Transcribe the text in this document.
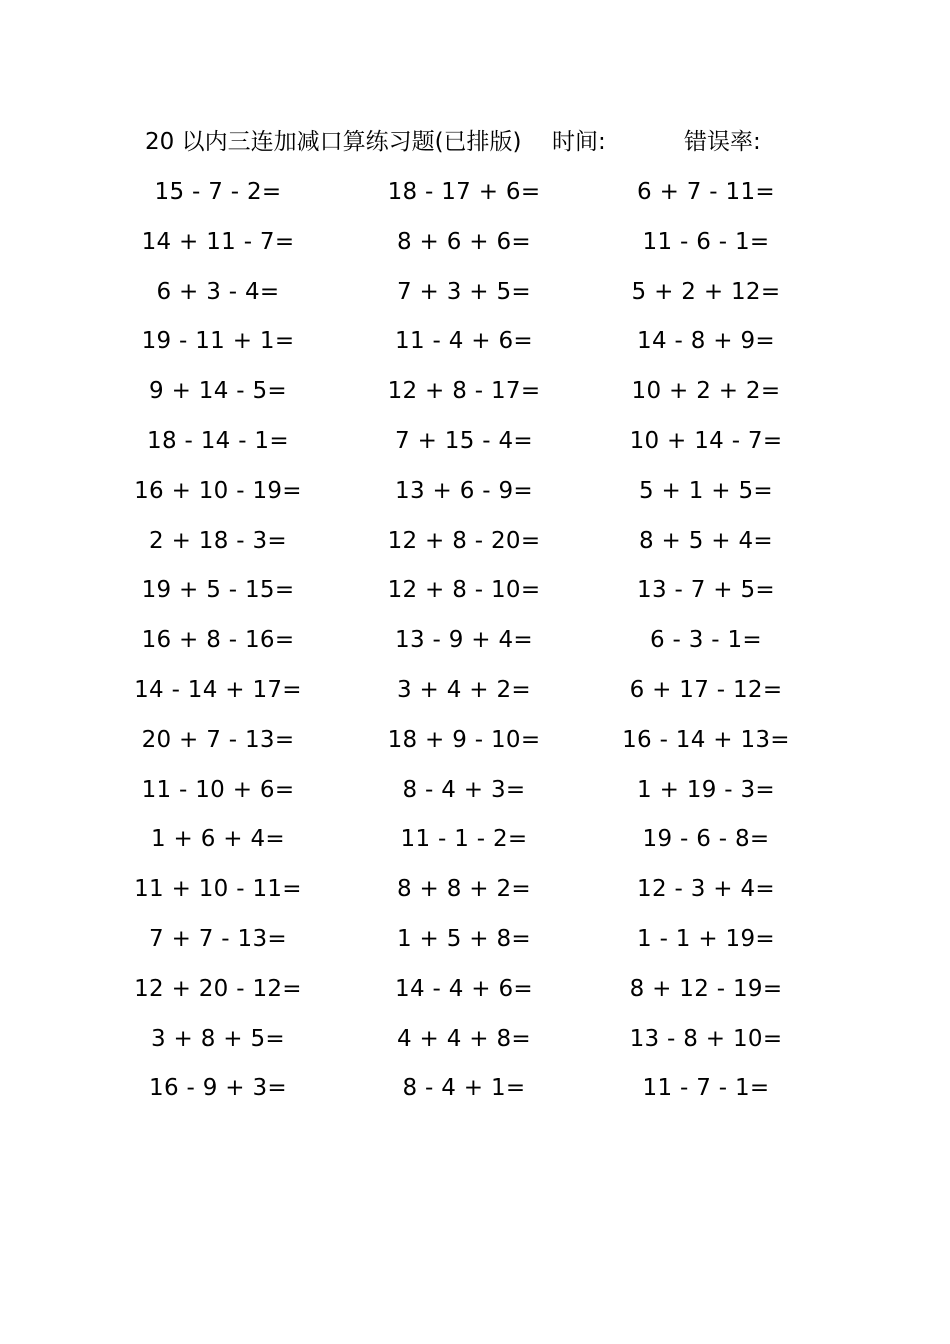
20 以内三连加减口算练习题(已排版) 时间:	错误率:
15 - 7 - 2=	18 - 17 + 6=	6 + 7 - 11=
14 + 11 - 7=	8 + 6 + 6=	11 - 6 - 1=
6 + 3 - 4=	7 + 3 + 5=	5 + 2 + 12=
19 - 11 + 1=	11 - 4 + 6=	14 - 8 + 9=
9 + 14 - 5=	12 + 8 - 17=	10 + 2 + 2=
18 - 14 - 1=	7 + 15 - 4=	10 + 14 - 7=
16 + 10 - 19=	13 + 6 - 9=	5 + 1 + 5=
2 + 18 - 3=	12 + 8 - 20=	8 + 5 + 4=
19 + 5 - 15=	12 + 8 - 10=	13 - 7 + 5=
16 + 8 - 16=	13 - 9 + 4=	6 - 3 - 1=
14 - 14 + 17=	3 + 4 + 2=	6 + 17 - 12=
20 + 7 - 13=	18 + 9 - 10=	16 - 14 + 13=
11 - 10 + 6=	8 - 4 + 3=	1 + 19 - 3=
1 + 6 + 4=	11 - 1 - 2=	19 - 6 - 8=
11 + 10 - 11=	8 + 8 + 2=	12 - 3 + 4=
7 + 7 - 13=	1 + 5 + 8=	1 - 1 + 19=
12 + 20 - 12=	14 - 4 + 6=	8 + 12 - 19=
3 + 8 + 5=	4 + 4 + 8=	13 - 8 + 10=
16 - 9 + 3=	8 - 4 + 1=	11 - 7 - 1=
